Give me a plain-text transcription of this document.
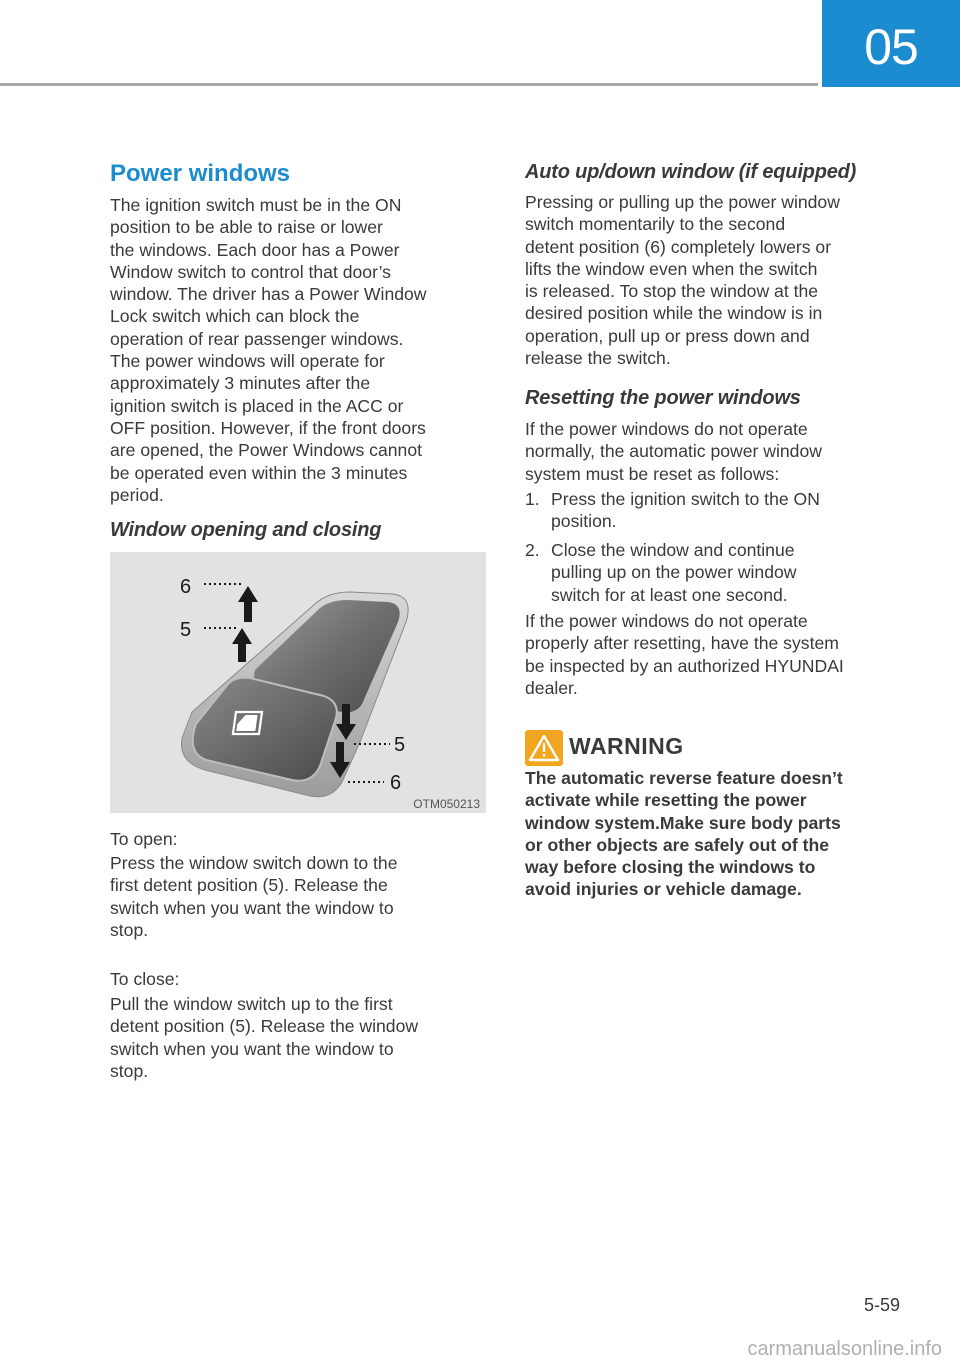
05
Power windows
The ignition switch must be in the ON
position to be able to raise or lower
the windows. Each door has a Power
Window switch to control that door’s
window. The driver has a Power Window
Lock switch which can block the
operation of rear passenger windows.
The power windows will operate for
approximately 3 minutes after the
ignition switch is placed in the ACC or
OFF position. However, if the front doors
are opened, the Power Windows cannot
be operated even within the 3 minutes
period.
Window opening and closing
6
5
5
6
OTM050213
To open:
Press the window switch down to the
first detent position (5). Release the
switch when you want the window to
stop.
To close:
Pull the window switch up to the first
detent position (5). Release the window
switch when you want the window to
stop.
Auto up/down window (if equipped)
Pressing or pulling up the power window
switch momentarily to the second
detent position (6) completely lowers or
lifts the window even when the switch
is released. To stop the window at the
desired position while the window is in
operation, pull up or press down and
release the switch.
Resetting the power windows
If the power windows do not operate
normally, the automatic power window
system must be reset as follows:
1. Press the ignition switch to the ON
position.
2. Close the window and continue
pulling up on the power window
switch for at least one second.
If the power windows do not operate
properly after resetting, have the system
be inspected by an authorized HYUNDAI
dealer.
WARNING
The automatic reverse feature doesn’t
activate while resetting the power
window system.Make sure body parts
or other objects are safely out of the
way before closing the windows to
avoid injuries or vehicle damage.
5-59
carmanualsonline.info
